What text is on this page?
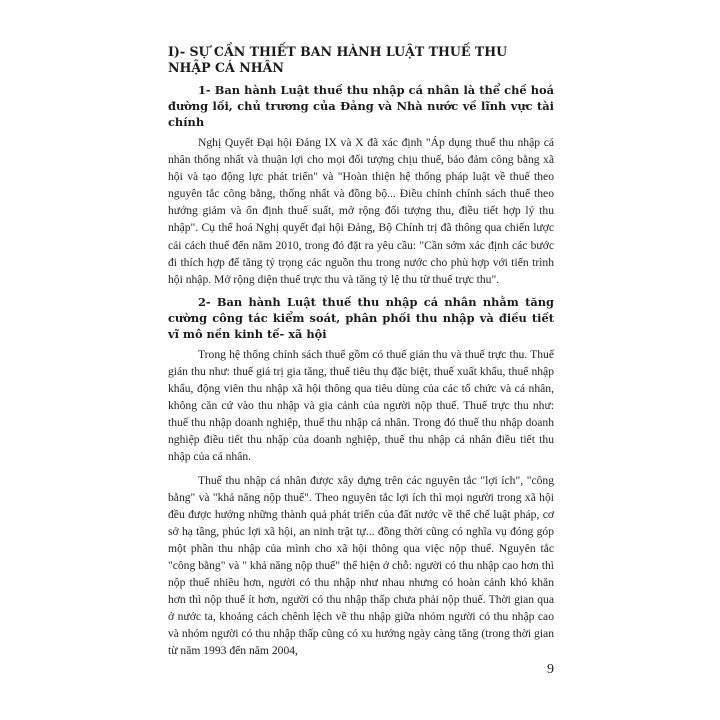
I)- SỰ CẦN THIẾT BAN HÀNH LUẬT THUẾ THU NHẬP CÁ NHÂN
1- Ban hành Luật thuế thu nhập cá nhân là thể chế hoá đường lối, chủ trương của Đảng và Nhà nước về lĩnh vực tài chính

Nghị Quyết Đại hội Đảng IX và X đã xác định "Áp dụng thuế thu nhập cá nhân thống nhất và thuận lợi cho mọi đối tượng chịu thuế, bảo đảm công bằng xã hội và tạo động lực phát triển" và "Hoàn thiện hệ thống pháp luật về thuế theo nguyên tắc công bằng, thống nhất và đồng bộ... Điều chỉnh chính sách thuế theo hướng giảm và ổn định thuế suất, mở rộng đối tượng thu, điều tiết hợp lý thu nhập". Cụ thể hoá Nghị quyết đại hội Đảng, Bộ Chính trị đã thông qua chiến lược cải cách thuế đến năm 2010, trong đó đặt ra yêu cầu: "Cần sớm xác định các bước đi thích hợp để tăng tỷ trọng các nguồn thu trong nước cho phù hợp với tiến trình hội nhập. Mở rộng diện thuế trực thu và tăng tỷ lệ thu từ thuế trực thu".

2- Ban hành Luật thuế thu nhập cá nhân nhằm tăng cường công tác kiểm soát, phân phối thu nhập và điều tiết vĩ mô nền kinh tế- xã hội

Trong hệ thống chính sách thuế gồm có thuế gián thu và thuế trực thu. Thuế gián thu như: thuế giá trị gia tăng, thuế tiêu thụ đặc biệt, thuế xuất khẩu, thuế nhập khẩu, động viên thu nhập xã hội thông qua tiêu dùng của các tổ chức và cá nhân, không căn cứ vào thu nhập và gia cảnh của người nộp thuế. Thuế trực thu như: thuế thu nhập doanh nghiệp, thuế thu nhập cá nhân. Trong đó thuế thu nhập doanh nghiệp điều tiết thu nhập của doanh nghiệp, thuế thu nhập cá nhân điều tiết thu nhập của cá nhân.

Thuế thu nhập cá nhân được xây dựng trên các nguyên tắc "lợi ích", "công bằng" và "khả năng nộp thuế". Theo nguyên tắc lợi ích thì mọi người trong xã hội đều được hưởng những thành quả phát triển của đất nước về thể chế luật pháp, cơ sở hạ tầng, phúc lợi xã hội, an ninh trật tự... đồng thời cũng có nghĩa vụ đóng góp một phần thu nhập của mình cho xã hội thông qua việc nộp thuế. Nguyên tắc "công bằng" và " khả năng nộp thuế" thể hiện ở chỗ: người có thu nhập cao hơn thì nộp thuế nhiều hơn, người có thu nhập như nhau nhưng có hoàn cảnh khó khăn hơn thì nộp thuế ít hơn, người có thu nhập thấp chưa phải nộp thuế. Thời gian qua ở nước ta, khoảng cách chênh lệch về thu nhập giữa nhóm người có thu nhập cao và nhóm người có thu nhập thấp cũng có xu hướng ngày càng tăng (trong thời gian từ năm 1993 đến năm 2004,

9
